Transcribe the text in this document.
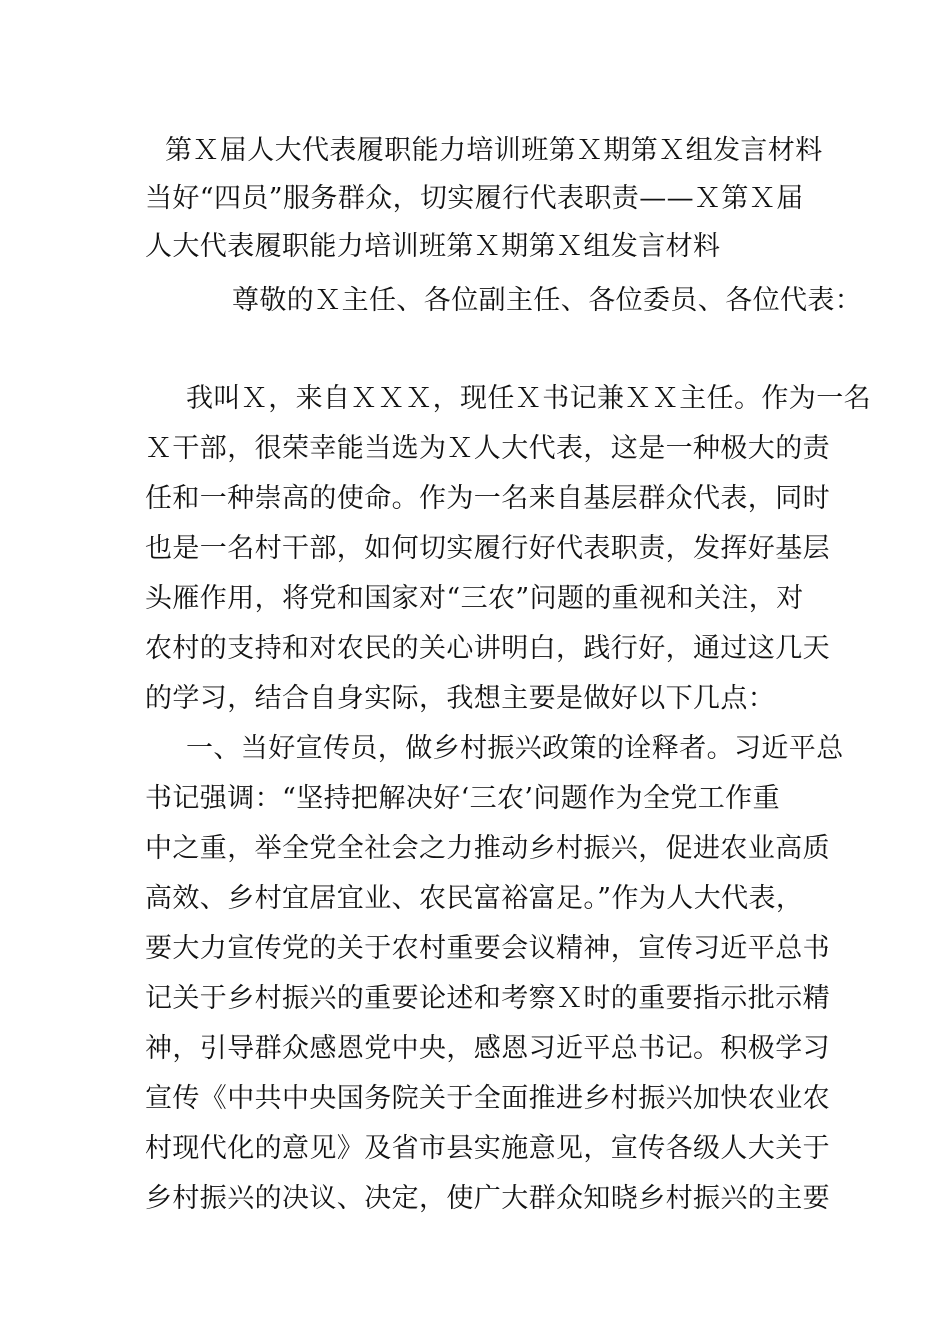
第Ｘ届人大代表履职能力培训班第Ｘ期第Ｘ组发言材料
当好“四员”服务群众，切实履行代表职责——Ｘ第Ｘ届
人大代表履职能力培训班第Ｘ期第Ｘ组发言材料
尊敬的Ｘ主任、各位副主任、各位委员、各位代表：
我叫Ｘ，来自ＸＸＸ，现任Ｘ书记兼ＸＸ主任。作为一名
Ｘ干部，很荣幸能当选为Ｘ人大代表，这是一种极大的责
任和一种崇高的使命。作为一名来自基层群众代表，同时
也是一名村干部，如何切实履行好代表职责，发挥好基层
头雁作用，将党和国家对“三农”问题的重视和关注，对
农村的支持和对农民的关心讲明白，践行好，通过这几天
的学习，结合自身实际，我想主要是做好以下几点：
一、当好宣传员，做乡村振兴政策的诠释者。习近平总
书记强调：“坚持把解决好‘三农’问题作为全党工作重
中之重，举全党全社会之力推动乡村振兴，促进农业高质
高效、乡村宜居宜业、农民富裕富足。”作为人大代表，
要大力宣传党的关于农村重要会议精神，宣传习近平总书
记关于乡村振兴的重要论述和考察Ｘ时的重要指示批示精
神，引导群众感恩党中央，感恩习近平总书记。积极学习
宣传《中共中央国务院关于全面推进乡村振兴加快农业农
村现代化的意见》及省市县实施意见，宣传各级人大关于
乡村振兴的决议、决定，使广大群众知晓乡村振兴的主要
